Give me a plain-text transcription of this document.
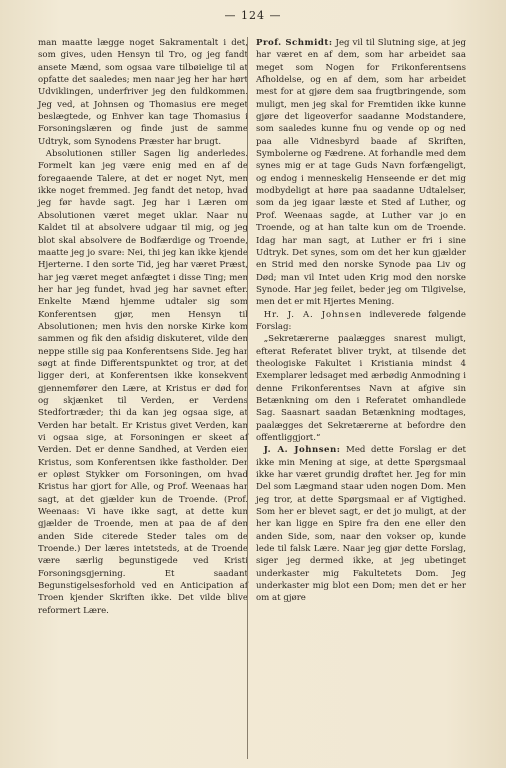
— 124 —

man maatte lægge noget Sakramentalt i det, som gives, uden Hensyn til Tro, og jeg fandt ansete Mænd, som ogsaa vare tilbøielige til at opfatte det saaledes; men naar jeg her har hørt Udviklingen, underfriver jeg den fuldkommen. Jeg ved, at Johnsen og Thomasius ere meget beslægtede, og Enhver kan tage Thomasius i Forsoningslæren og finde just de samme Udtryk, som Synodens Præster har brugt.

Absolutionen stiller Sagen lig anderledes. Formelt kan jeg være enig med en af de foregaaende Talere, at det er noget Nyt, men ikke noget fremmed. Jeg fandt det netop, hvad jeg før havde sagt. Jeg har i Læren om Absolutionen været meget uklar. Naar nu Kaldet til at absolvere udgaar til mig, og jeg blot skal absolvere de Bodfærdige og Troende, maatte jeg jo svare: Nei, thi jeg kan ikke kjende Hjerterne. I den sorte Tid, jeg har været Præst, har jeg været meget anfægtet i disse Ting; men her har jeg fundet, hvad jeg har savnet efter. Enkelte Mænd hjemme udtaler sig som Konferentsen gjør, men Hensyn til Absolutionen; men hvis den norske Kirke kom sammen og fik den afsidig diskuteret, vilde den neppe stille sig paa Konferentsens Side. Jeg har søgt at finde Differentspunktet og tror, at det ligger deri, at Konferentsen ikke konsekvent gjennemfører den Lære, at Kristus er død for og skjænket til Verden, er Verdens Stedfortræder; thi da kan jeg ogsaa sige, at Verden har betalt. Er Kristus givet Verden, kan vi ogsaa sige, at Forsoningen er skeet af Verden. Det er denne Sandhed, at Verden eier Kristus, som Konferentsen ikke fastholder. Der er opløst Stykker om Forsoningen, om hvad Kristus har gjort for Alle, og Prof. Weenaas har sagt, at det gjælder kun de Troende. (Prof. Weenaas: Vi have ikke sagt, at dette kun gjælder de Troende, men at paa de af den anden Side citerede Steder tales om de Troende.) Der læres intetsteds, at de Troende være særlig begunstigede ved Kristi Forsoningsgjerning. Et saadant Begunstigelsesforhold ved en Anticipation af Troen kjender Skriften ikke. Det vilde blive reformert Lære.

Prof. Schmidt: Jeg vil til Slutning sige, at jeg har været en af dem, som har arbeidet saa meget som Nogen for Frikonferentsens Afholdelse, og en af dem, som har arbeidet mest for at gjøre dem saa frugtbringende, som muligt, men jeg skal for Fremtiden ikke kunne gjøre det ligeoverfor saadanne Modstandere, som saaledes kunne fnu og vende op og ned paa alle Vidnesbyrd baade af Skriften, Symbolerne og Fædrene. At forhandle med dem synes mig er at tage Guds Navn forfængeligt, og endog i menneskelig Henseende er det mig modbydeligt at høre paa saadanne Udtalelser, som da jeg igaar læste et Sted af Luther, og Prof. Weenaas sagde, at Luther var jo en Troende, og at han talte kun om de Troende. Idag har man sagt, at Luther er fri i sine Udtryk. Det synes, som om det her kun gjælder en Strid med den norske Synode paa Liv og Død; man vil Intet uden Krig mod den norske Synode. Har jeg feilet, beder jeg om Tilgivelse, men det er mit Hjertes Mening.

Hr. J. A. Johnsen indleverede følgende Forslag:

„Sekretærerne paalægges snarest muligt, efterat Referatet bliver trykt, at tilsende det theologiske Fakultet i Kristiania mindst 4 Exemplarer ledsaget med ærbødig Anmodning i denne Frikonferentses Navn at afgive sin Betænkning om den i Referatet omhandlede Sag. Saasnart saadan Betænkning modtages, paalægges det Sekretærerne at befordre den offentliggjort.“

J. A. Johnsen: Med dette Forslag er det ikke min Mening at sige, at dette Spørgsmaal ikke har været grundig drøftet her. Jeg for min Del som Lægmand staar uden nogen Dom. Men jeg tror, at dette Spørgsmaal er af Vigtighed. Som her er blevet sagt, er det jo muligt, at der her kan ligge en Spire fra den ene eller den anden Side, som, naar den vokser op, kunde lede til falsk Lære. Naar jeg gjør dette Forslag, siger jeg dermed ikke, at jeg ubetinget underkaster mig Fakultetets Dom. Jeg underkaster mig blot een Dom; men det er her om at gjøre
